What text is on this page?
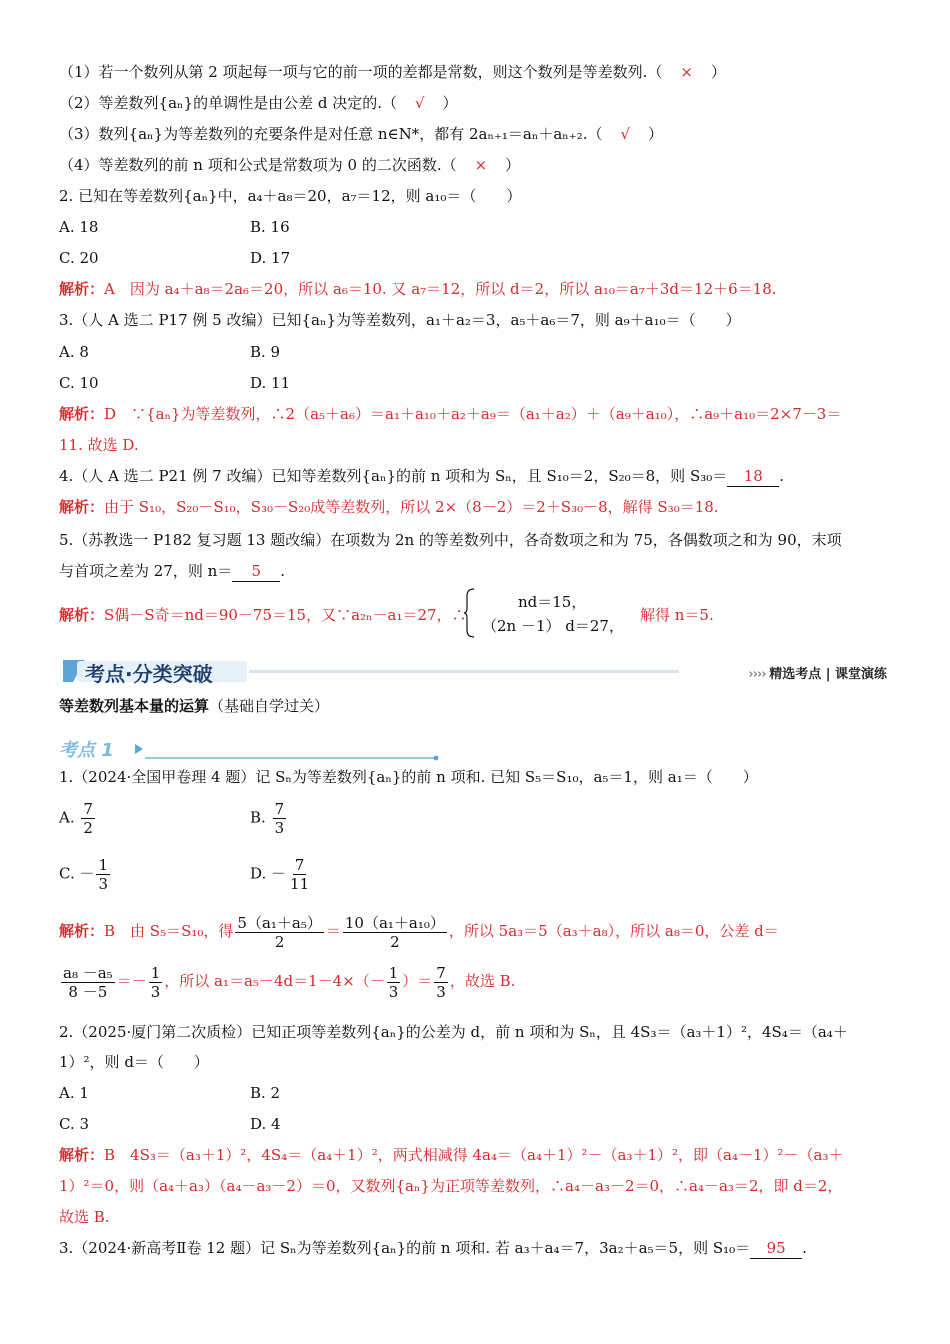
（1）若一个数列从第 2 项起每一项与它的前一项的差都是常数，则这个数列是等差数列.（ × ）
（2）等差数列{aₙ}的单调性是由公差 d 决定的.（ √ ）
（3）数列{aₙ}为等差数列的充要条件是对任意 n∈N*，都有 2aₙ₊₁＝aₙ＋aₙ₊₂.（ √ ）
（4）等差数列的前 n 项和公式是常数项为 0 的二次函数.（ × ）
2. 已知在等差数列{aₙ}中，a₄＋a₈＝20，a₇＝12，则 a₁₀＝（　　）
A. 18	B. 16
C. 20	D. 17
解析：A　因为 a₄＋a₈＝2a₆＝20，所以 a₆＝10. 又 a₇＝12，所以 d＝2，所以 a₁₀＝a₇＋3d＝12＋6＝18.
3.（人 A 选二 P17 例 5 改编）已知{aₙ}为等差数列，a₁＋a₂＝3，a₅＋a₆＝7，则 a₉＋a₁₀＝（　　）
A. 8	B. 9
C. 10	D. 11
解析：D　∵{aₙ}为等差数列，∴2（a₅＋a₆）＝a₁＋a₁₀＋a₂＋a₉＝（a₁＋a₂）＋（a₉＋a₁₀），∴a₉＋a₁₀＝2×7－3＝
11. 故选 D.
4.（人 A 选二 P21 例 7 改编）已知等差数列{aₙ}的前 n 项和为 Sₙ，且 S₁₀＝2，S₂₀＝8，则 S₃₀＝ 18 .
解析：由于 S₁₀，S₂₀－S₁₀，S₃₀－S₂₀成等差数列，所以 2×（8－2）＝2＋S₃₀－8，解得 S₃₀＝18.
5.（苏教选一 P182 复习题 13 题改编）在项数为 2n 的等差数列中，各奇数项之和为 75，各偶数项之和为 90，末项
与首项之差为 27，则 n＝ 5 .
解析：S偶－S奇＝nd＝90－75＝15，又∵a₂ₙ－a₁＝27，∴
nd＝15，
（2n －1） d＝27，
解得 n＝5.
考点·分类突破	›››› 精选考点 | 课堂演练
等差数列基本量的运算（基础自学过关）
考点 1
1.（2024·全国甲卷理 4 题）记 Sₙ为等差数列{aₙ}的前 n 项和. 已知 S₅＝S₁₀，a₅＝1，则 a₁＝（　　）
A. $\frac{7}{2}$	B. $\frac{7}{3}$
C. － $\frac{1}{3}$	D. － $\frac{7}{11}$
解析：B　由 S₅＝S₁₀，得 $\frac{\text{5（a₁＋a₅）}}{2} = \frac{\text{10（a₁＋a₁₀）}}{2}$ ，所以 5a₃＝5（a₃＋a₈），所以 a₈＝0，公差 d＝
$\frac{\text{a₈ －a₅}}{8 -5} =- \frac{1}{3}$ ，所以 $a_1=a_5-4d=1-4\times(- \frac{1}{3}$ ）＝ $\frac{7}{3}$ ，故选 B.
2.（2025·厦门第二次质检）已知正项等差数列{aₙ}的公差为 d，前 n 项和为 Sₙ，且 4S₃＝（a₃＋1）²，4S₄＝（a₄＋
1）²，则 d＝（　　）
A. 1	B. 2
C. 3	D. 4
解析：B　4S₃＝（a₃＋1）²，4S₄＝（a₄＋1）²，两式相减得 4a₄＝（a₄＋1）²－（a₃＋1）²，即（a₄－1）²－（a₃＋
1）²＝0，则（a₄＋a₃）（a₄－a₃－2）＝0，又数列{aₙ}为正项等差数列，∴a₄－a₃－2＝0，∴a₄－a₃＝2，即 d＝2，
故选 B.
3.（2024·新高考Ⅱ卷 12 题）记 Sₙ为等差数列{aₙ}的前 n 项和. 若 a₃＋a₄＝7，3a₂＋a₅＝5，则 S₁₀＝ 95 .
